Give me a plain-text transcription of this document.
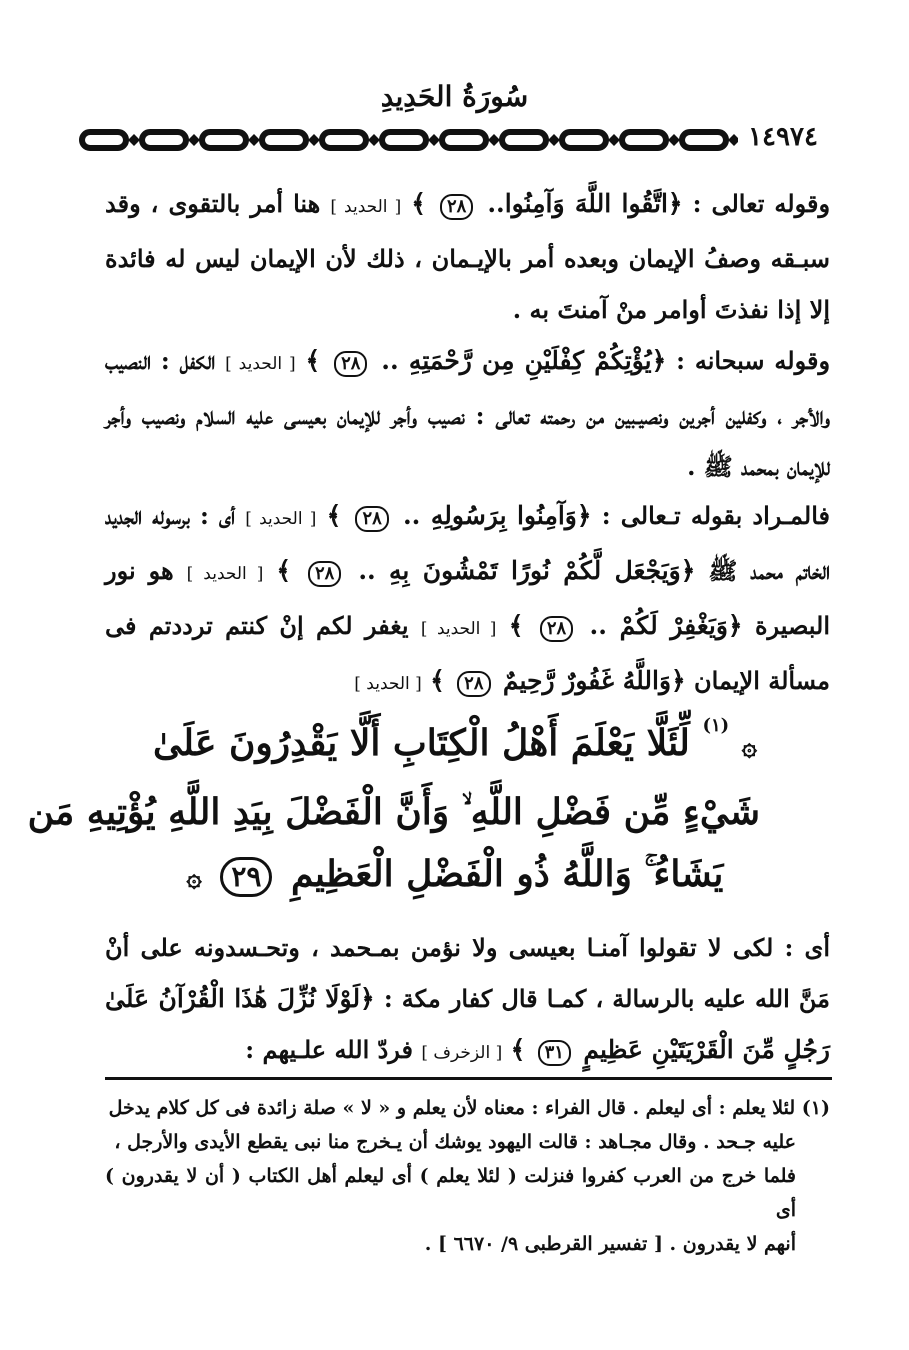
سُورَةُ الحَدِيدِ
١٤٩٧٤
وقوله تعالى : ﴿اتَّقُوا اللَّهَ وَآمِنُوا.. ٢٨ ﴾ [ الحديد ] هنا أمر بالتقوى ، وقد سبـقه وصفُ الإيمان وبعده أمر بالإيـمان ، ذلك لأن الإيمان ليس له فائدة إلا إذا نفذتَ أوامر منْ آمنتَ به .
وقوله سبحانه : ﴿يُؤْتِكُمْ كِفْلَيْنِ مِن رَّحْمَتِهِ .. ٢٨ ﴾ [ الحديد ] الكفل : النصيب والأجر ، وكفلين أجرين ونصيـبين من رحمته تعالى : نصيب وأجر للإيمان بعيسى عليه السلام ونصيب وأجر للإيمان بمحمد ﷺ .
فالمـراد بقوله تـعالى : ﴿وَآمِنُوا بِرَسُولِهِ .. ٢٨ ﴾ [ الحديد ] أى : برسوله الجديد الخاتم محمد ﷺ ﴿وَيَجْعَل لَّكُمْ نُورًا تَمْشُونَ بِهِ .. ٢٨ ﴾ [ الحديد ] هو نور البصيرة ﴿وَيَغْفِرْ لَكُمْ .. ٢٨ ﴾ [ الحديد ] يغفر لكم إنْ كنتم ترددتم فى مسألة الإيمان ﴿وَاللَّهُ غَفُورٌ رَّحِيمٌ ٢٨ ﴾ [ الحديد ]
۞ $^{(١)}$ لِّئَلَّا يَعْلَمَ أَهْلُ الْكِتَابِ أَلَّا يَقْدِرُونَ عَلَىٰ
شَيْءٍ مِّن فَضْلِ اللَّهِ ۙ وَأَنَّ الْفَضْلَ بِيَدِ اللَّهِ يُؤْتِيهِ مَن
يَشَاءُ ۚ وَاللَّهُ ذُو الْفَضْلِ الْعَظِيمِ ٢٩ ۞
أى : لكى لا تقولوا آمنـا بعيسى ولا نؤمن بمـحمد ، وتحـسدونه على أنْ مَنَّ الله عليه بالرسالة ، كمـا قال كفار مكة : ﴿لَوْلَا نُزِّلَ هَٰذَا الْقُرْآنُ عَلَىٰ رَجُلٍ مِّنَ الْقَرْيَتَيْنِ عَظِيمٍ ٣١ ﴾ [ الزخرف ] فردّ الله علـيهم :
(١) لئلا يعلم : أى ليعلم . قال الفراء : معناه لأن يعلم و « لا » صلة زائدة فى كل كلام يدخل
عليه جـحد . وقال مجـاهد : قالت اليهود يوشك أن يـخرج منا نبى يقطع الأيدى والأرجل ،
فلما خرج من العرب كفروا فنزلت ( لئلا يعلم ) أى ليعلم أهل الكتاب ( أن لا يقدرون ) أى
أنهم لا يقدرون . [ تفسير القرطبى ٩/ ٦٦٧٠ ] .
